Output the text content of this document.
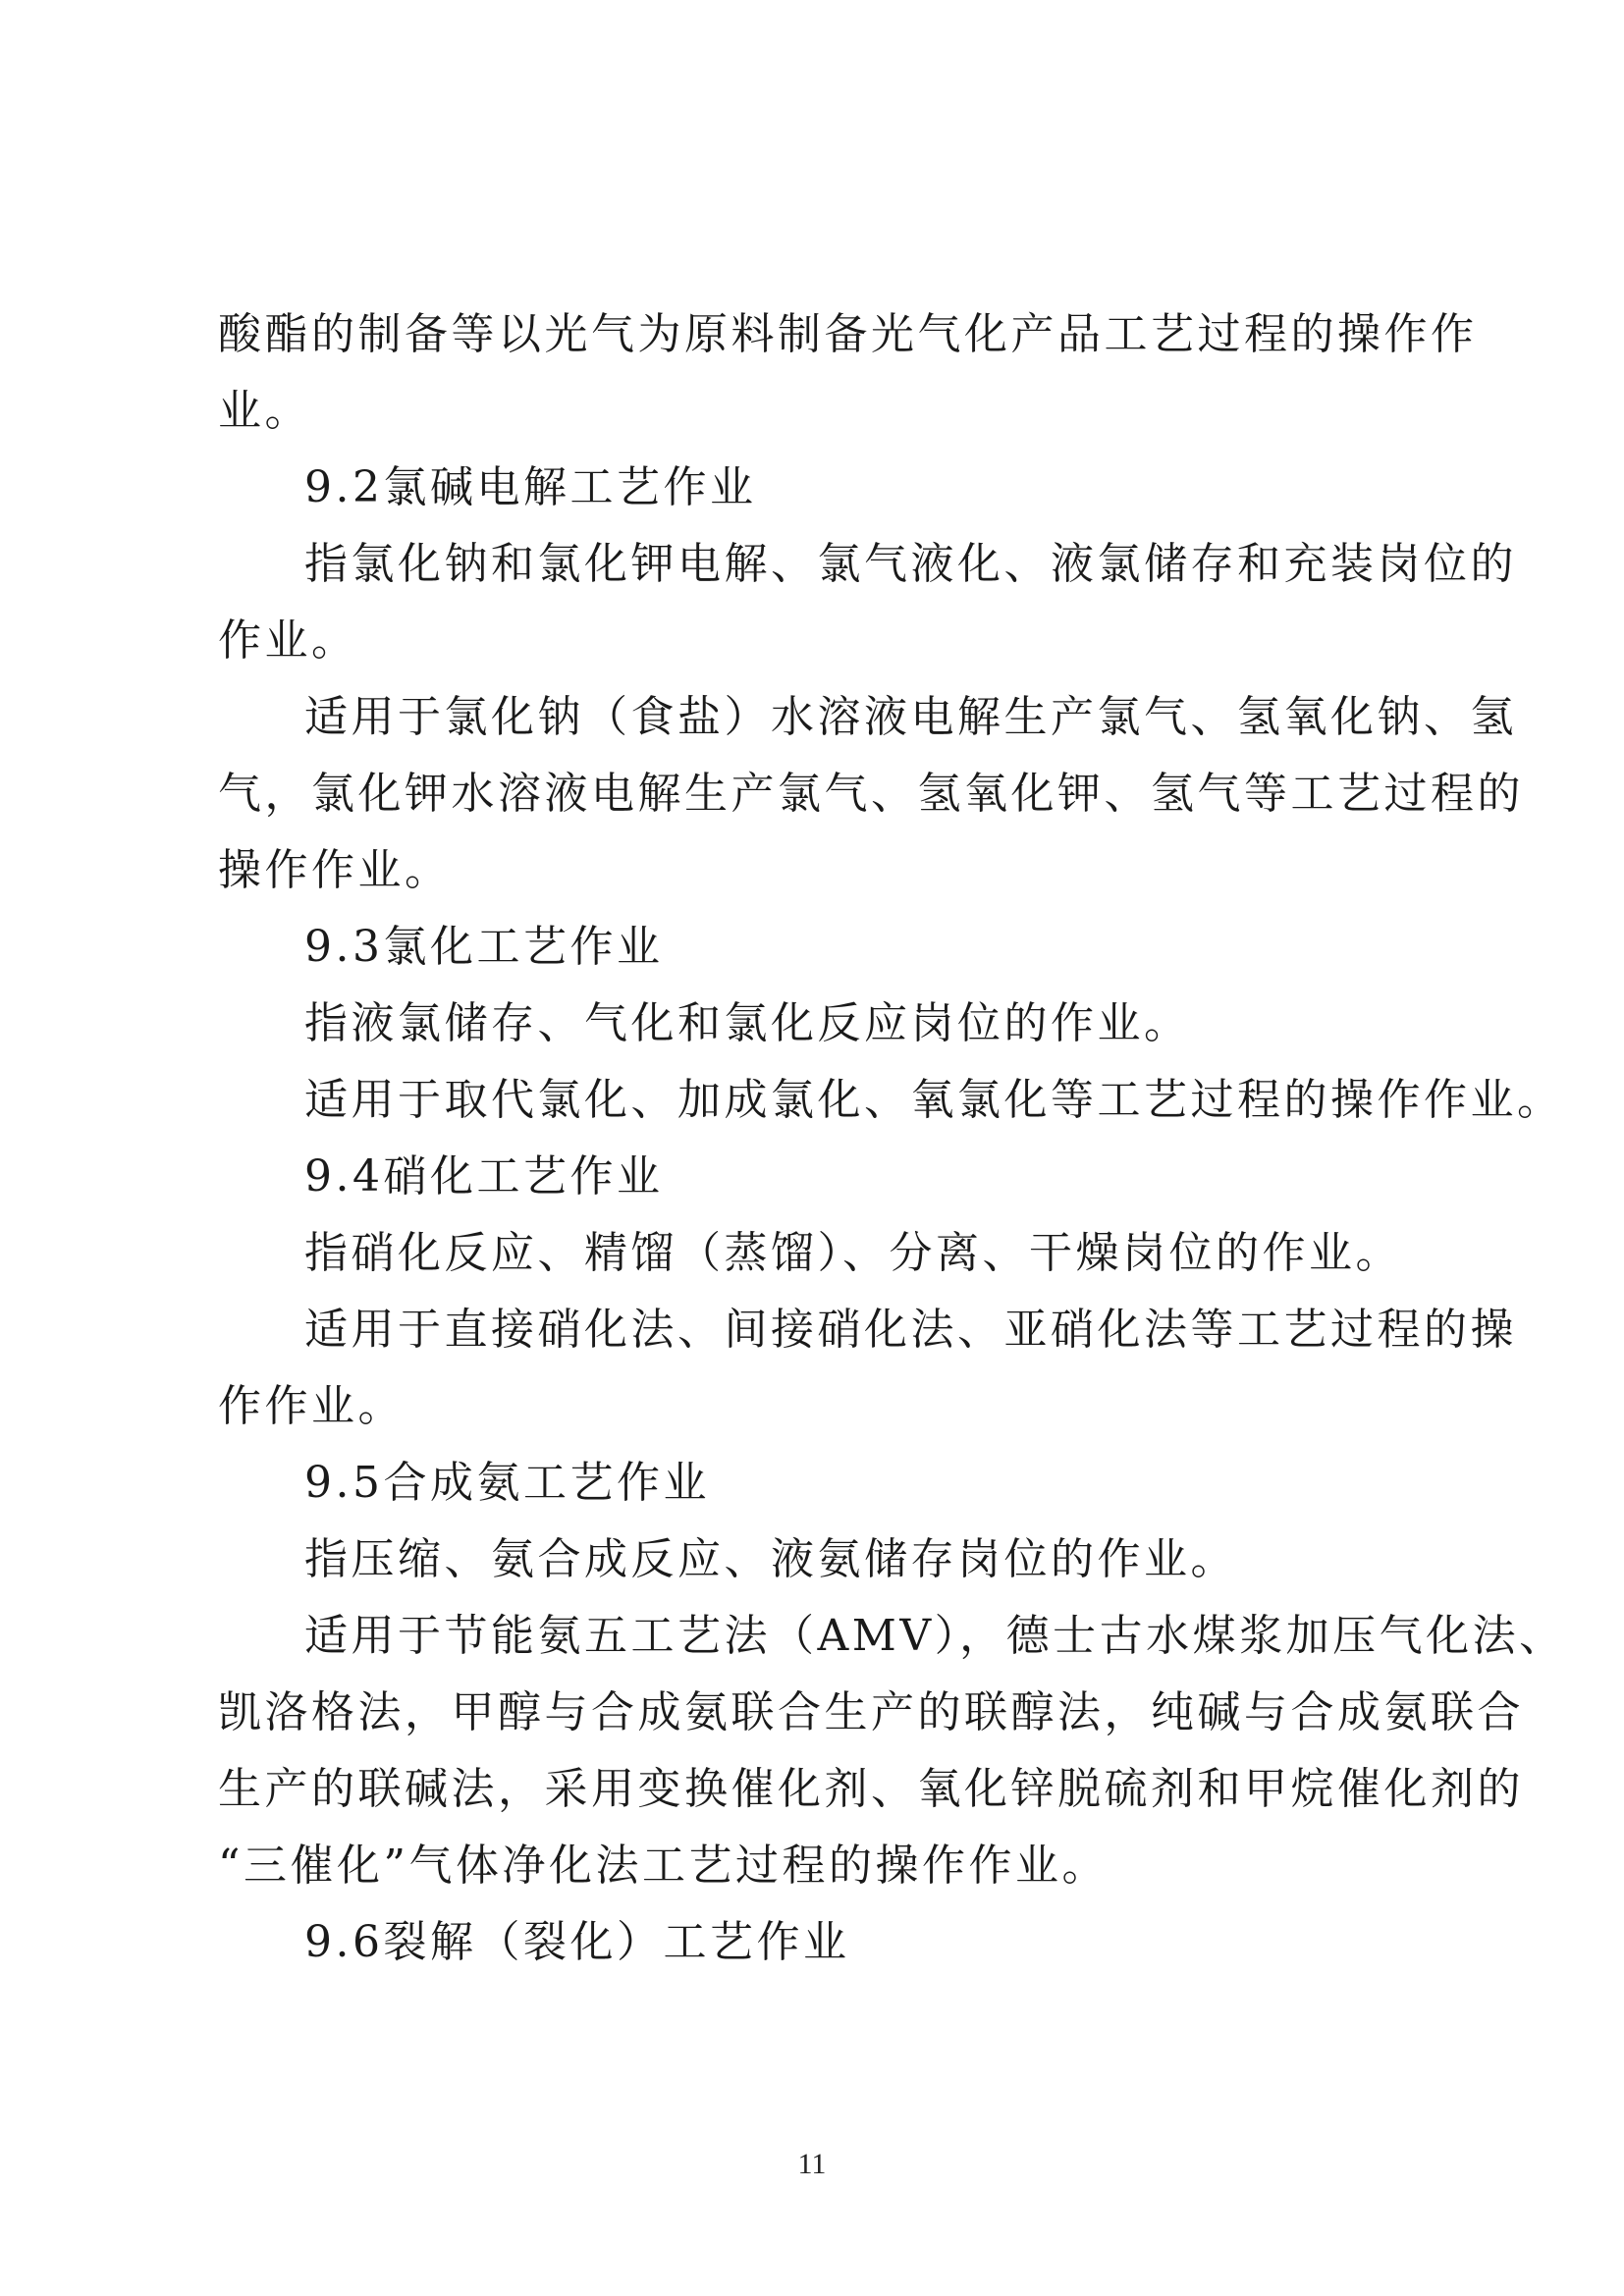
酸酯的制备等以光气为原料制备光气化产品工艺过程的操作作
业。
9.2氯碱电解工艺作业
指氯化钠和氯化钾电解、氯气液化、液氯储存和充装岗位的
作业。
适用于氯化钠（食盐）水溶液电解生产氯气、氢氧化钠、氢
气，氯化钾水溶液电解生产氯气、氢氧化钾、氢气等工艺过程的
操作作业。
9.3氯化工艺作业
指液氯储存、气化和氯化反应岗位的作业。
适用于取代氯化、加成氯化、氧氯化等工艺过程的操作作业。
9.4硝化工艺作业
指硝化反应、精馏（蒸馏）、分离、干燥岗位的作业。
适用于直接硝化法、间接硝化法、亚硝化法等工艺过程的操
作作业。
9.5合成氨工艺作业
指压缩、氨合成反应、液氨储存岗位的作业。
适用于节能氨五工艺法（AMV），德士古水煤浆加压气化法、
凯洛格法，甲醇与合成氨联合生产的联醇法，纯碱与合成氨联合
生产的联碱法，采用变换催化剂、氧化锌脱硫剂和甲烷催化剂的
“三催化”气体净化法工艺过程的操作作业。
9.6裂解（裂化）工艺作业
11
